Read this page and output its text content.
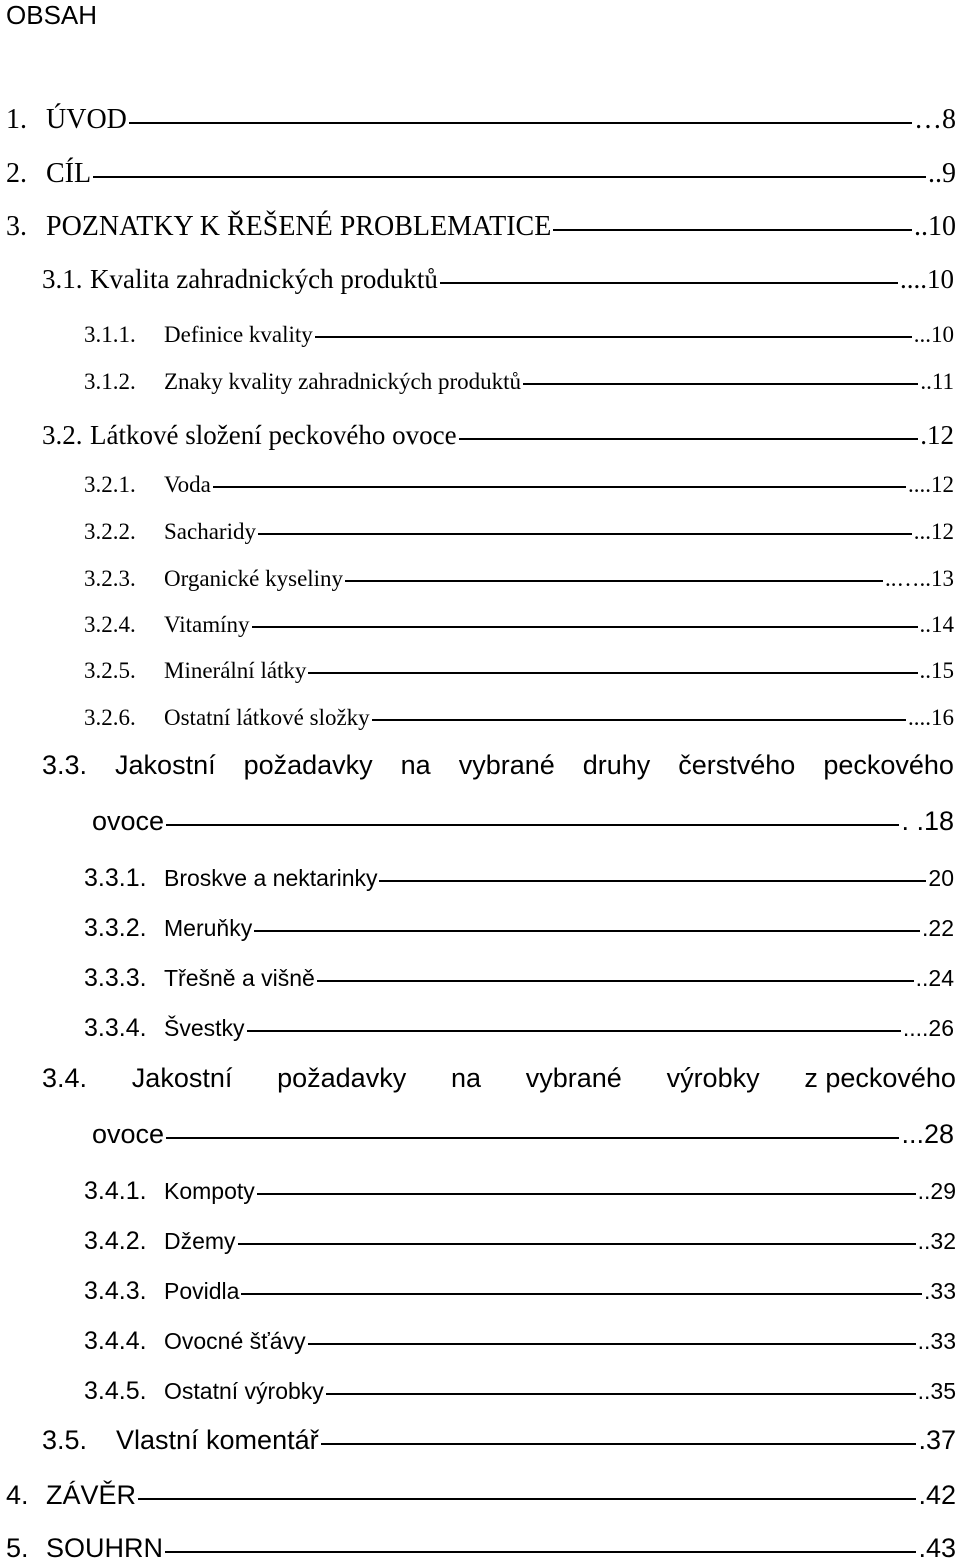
OBSAH
1. ÚVOD	… 8
2. CÍL	.. 9
3. POZNATKY K ŘEŠENÉ PROBLEMATICE	.. 10
3.1. Kvalita zahradnických produktů	.... 10
3.1.1.	Definice kvality	... 10
3.1.2.	Znaky kvality zahradnických produktů	.. 11
3.2. Látkové složení peckového ovoce	. 12
3.2.1.	Voda	.... 12
3.2.2.	Sacharidy	... 12
3.2.3.	Organické kyseliny	..….. 13
3.2.4.	Vitamíny	.. 14
3.2.5.	Minerální látky	.. 15
3.2.6.	Ostatní látkové složky	.... 16
3.3. Jakostní požadavky na vybrané druhy čerstvého peckového
ovoce	. . 18
3.3.1. Broskve a nektarinky	20
3.3.2. Meruňky	. 22
3.3.3. Třešně a višně	.. 24
3.3.4. Švestky	.... 26
3.4. Jakostní požadavky na vybrané výrobky z peckového
ovoce	... 28
3.4.1. Kompoty	.. 29
3.4.2. Džemy	.. 32
3.4.3. Povidla	. 33
3.4.4. Ovocné šťávy	.. 33
3.4.5. Ostatní výrobky	.. 35
3.5.	Vlastní komentář	. 37
4. ZÁVĚR	. 42
5. SOUHRN	. 43
